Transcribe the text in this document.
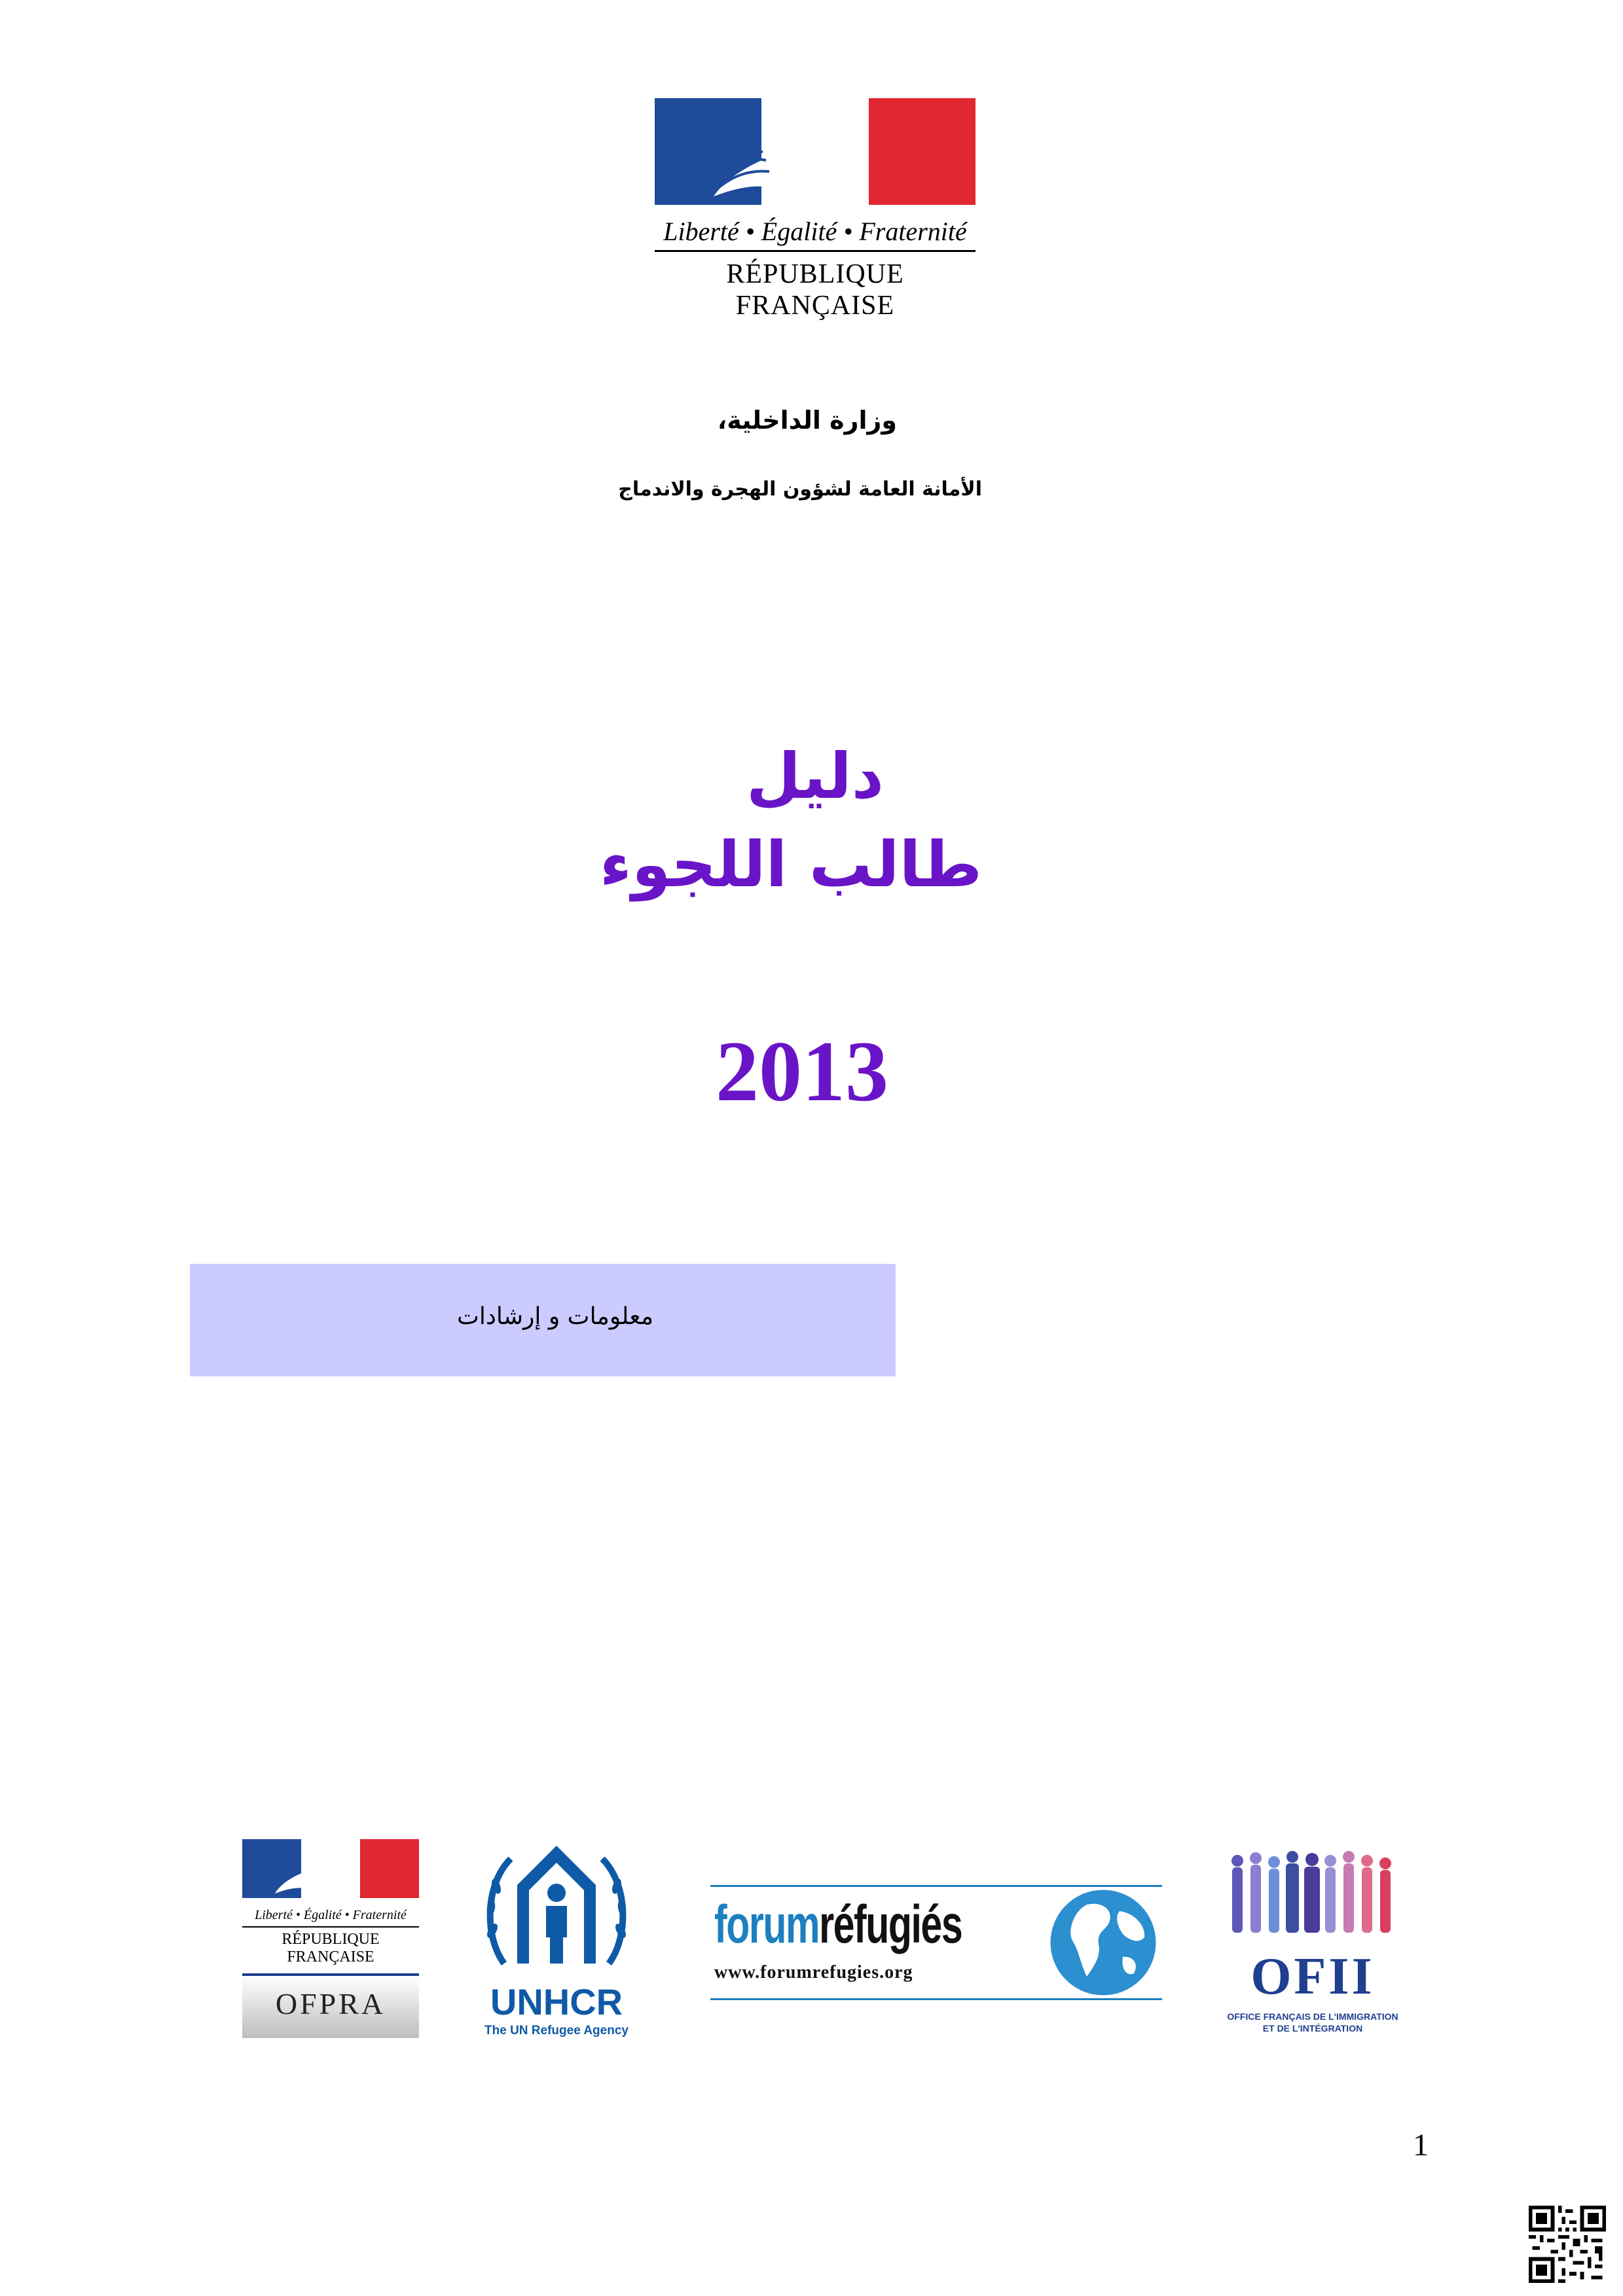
Liberté • Égalité • Fraternité
RÉPUBLIQUE FRANÇAISE
وزارة الداخلية،
الأمانة العامة لشؤون الهجرة والاندماج
دليل
طالب اللجوء
2013
معلومات و إرشادات
Liberté • Égalité • Fraternité
RÉPUBLIQUE FRANÇAISE
OFPRA	UNHCR
The UN Refugee Agency
forumréfugiés
www.forumrefugies.org	OFII
OFFICE FRANÇAIS DE L'IMMIGRATION
ET DE L'INTÉGRATION
1
